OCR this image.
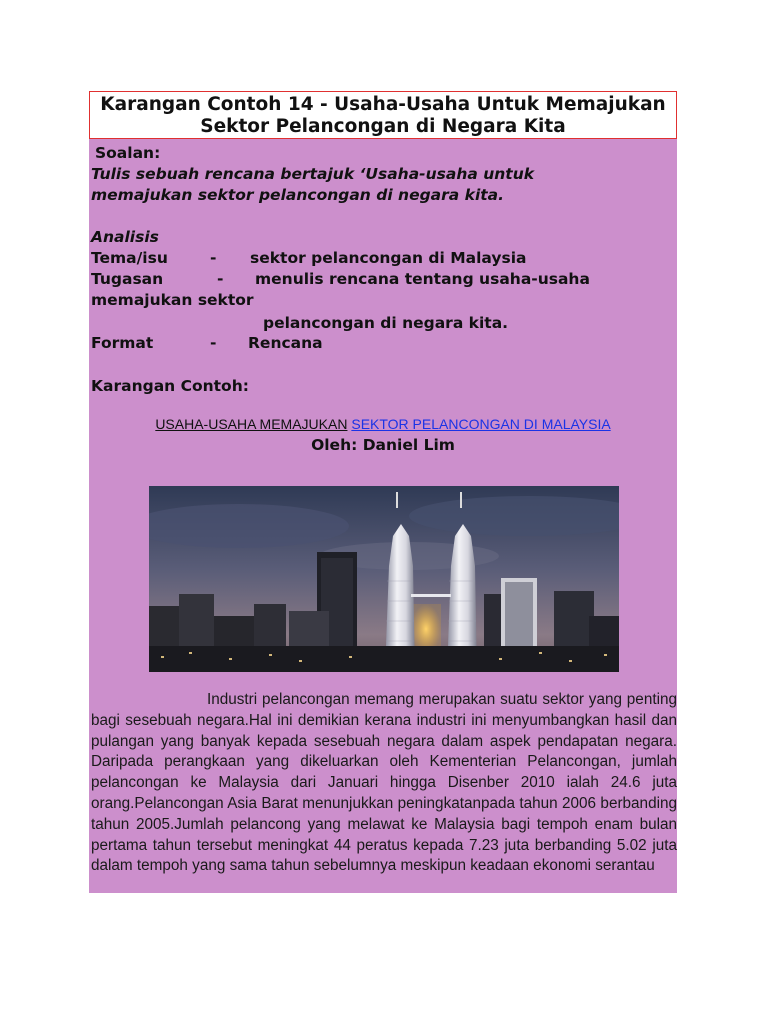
Karangan Contoh 14 - Usaha-Usaha Untuk Memajukan
Sektor Pelancongan di Negara Kita
Soalan:
Tulis sebuah rencana bertajuk ‘Usaha-usaha untuk
memajukan sektor pelancongan di negara kita.
Analisis
Tema/isu	- sektor pelancongan di Malaysia
Tugasan	- menulis rencana tentang usaha-usaha
memajukan sektor
pelancongan di negara kita.
Format	- Rencana
Karangan Contoh:
USAHA-USAHA MEMAJUKAN SEKTOR PELANCONGAN DI MALAYSIA
Oleh: Daniel Lim
Industri pelancongan memang merupakan suatu sektor yang penting bagi sesebuah negara.Hal ini demikian kerana industri ini menyumbangkan hasil dan pulangan yang banyak kepada sesebuah negara dalam aspek pendapatan negara. Daripada perangkaan yang dikeluarkan oleh Kementerian Pelancongan, jumlah pelancongan ke Malaysia dari Januari hingga Disenber 2010 ialah 24.6 juta orang.Pelancongan Asia Barat menunjukkan peningkatanpada tahun 2006 berbanding tahun 2005.Jumlah pelancong yang melawat ke Malaysia bagi tempoh enam bulan pertama tahun tersebut meningkat 44 peratus kepada 7.23 juta berbanding 5.02 juta dalam tempoh yang sama tahun sebelumnya meskipun keadaan ekonomi serantau
